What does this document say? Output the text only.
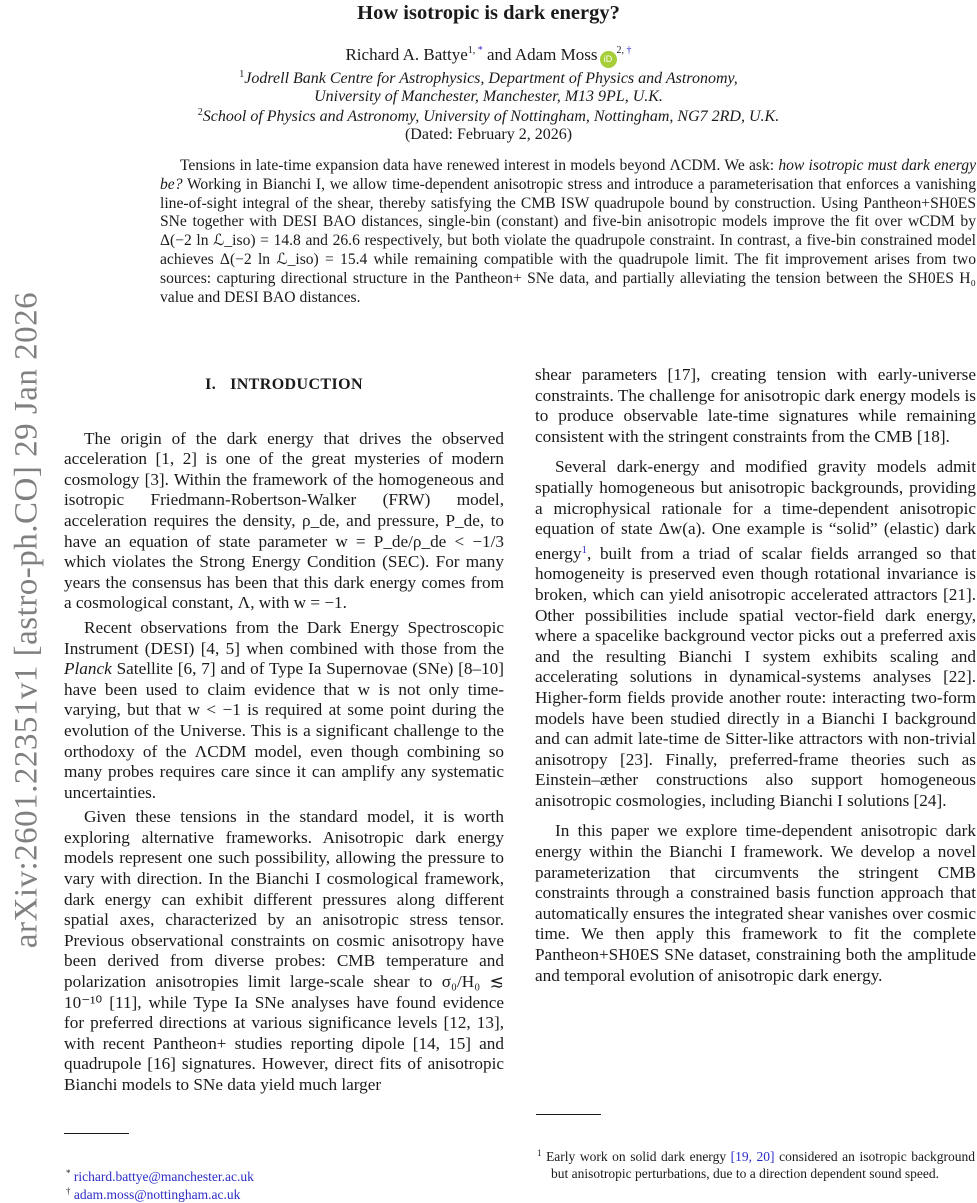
arXiv:2601.22351v1 [astro-ph.CO] 29 Jan 2026
How isotropic is dark energy?
Richard A. Battye$^{1, *}$ and Adam Moss $iD^{2, \dagger}$
$^1$Jodrell Bank Centre for Astrophysics, Department of Physics and Astronomy,
University of Manchester, Manchester, M13 9PL, U.K.
$^2$School of Physics and Astronomy, University of Nottingham, Nottingham, NG7 2RD, U.K.
(Dated: February 2, 2026)
Tensions in late-time expansion data have renewed interest in models beyond ΛCDM. We ask: how isotropic must dark energy be? Working in Bianchi I, we allow time-dependent anisotropic stress and introduce a parameterisation that enforces a vanishing line-of-sight integral of the shear, thereby satisfying the CMB ISW quadrupole bound by construction. Using Pantheon+SH0ES SNe together with DESI BAO distances, single-bin (constant) and five-bin anisotropic models improve the fit over wCDM by Δ(−2 ln ℒ_iso) = 14.8 and 26.6 respectively, but both violate the quadrupole constraint. In contrast, a five-bin constrained model achieves Δ(−2 ln ℒ_iso) = 15.4 while remaining compatible with the quadrupole limit. The fit improvement arises from two sources: capturing directional structure in the Pantheon+ SNe data, and partially alleviating the tension between the SH0ES H₀ value and DESI BAO distances.
I. INTRODUCTION

The origin of the dark energy that drives the observed acceleration [1, 2] is one of the great mysteries of modern cosmology [3]. Within the framework of the homogeneous and isotropic Friedmann-Robertson-Walker (FRW) model, acceleration requires the density, ρ_de, and pressure, P_de, to have an equation of state parameter w = P_de/ρ_de < −1/3 which violates the Strong Energy Condition (SEC). For many years the consensus has been that this dark energy comes from a cosmological constant, Λ, with w = −1.

Recent observations from the Dark Energy Spectroscopic Instrument (DESI) [4, 5] when combined with those from the Planck Satellite [6, 7] and of Type Ia Supernovae (SNe) [8–10] have been used to claim evidence that w is not only time-varying, but that w < −1 is required at some point during the evolution of the Universe. This is a significant challenge to the orthodoxy of the ΛCDM model, even though combining so many probes requires care since it can amplify any systematic uncertainties.

Given these tensions in the standard model, it is worth exploring alternative frameworks. Anisotropic dark energy models represent one such possibility, allowing the pressure to vary with direction. In the Bianchi I cosmological framework, dark energy can exhibit different pressures along different spatial axes, characterized by an anisotropic stress tensor. Previous observational constraints on cosmic anisotropy have been derived from diverse probes: CMB temperature and polarization anisotropies limit large-scale shear to σ₀/H₀ ≲ 10⁻¹⁰ [11], while Type Ia SNe analyses have found evidence for preferred directions at various significance levels [12, 13], with recent Pantheon+ studies reporting dipole [14, 15] and quadrupole [16] signatures. However, direct fits of anisotropic Bianchi models to SNe data yield much larger

shear parameters [17], creating tension with early-universe constraints. The challenge for anisotropic dark energy models is to produce observable late-time signatures while remaining consistent with the stringent constraints from the CMB [18].

Several dark-energy and modified gravity models admit spatially homogeneous but anisotropic backgrounds, providing a microphysical rationale for a time-dependent anisotropic equation of state Δw(a). One example is “solid” (elastic) dark energy$^1$, built from a triad of scalar fields arranged so that homogeneity is preserved even though rotational invariance is broken, which can yield anisotropic accelerated attractors [21]. Other possibilities include spatial vector-field dark energy, where a spacelike background vector picks out a preferred axis and the resulting Bianchi I system exhibits scaling and accelerating solutions in dynamical-systems analyses [22]. Higher-form fields provide another route: interacting two-form models have been studied directly in a Bianchi I background and can admit late-time de Sitter-like attractors with non-trivial anisotropy [23]. Finally, preferred-frame theories such as Einstein–æther constructions also support homogeneous anisotropic cosmologies, including Bianchi I solutions [24].

In this paper we explore time-dependent anisotropic dark energy within the Bianchi I framework. We develop a novel parameterization that circumvents the stringent CMB constraints through a constrained basis function approach that automatically ensures the integrated shear vanishes over cosmic time. We then apply this framework to fit the complete Pantheon+SH0ES SNe dataset, constraining both the amplitude and temporal evolution of anisotropic dark energy.

* richard.battye@manchester.ac.uk
† adam.moss@nottingham.ac.uk
$^1$ Early work on solid dark energy [19, 20] considered an isotropic background but anisotropic perturbations, due to a direction dependent sound speed.
